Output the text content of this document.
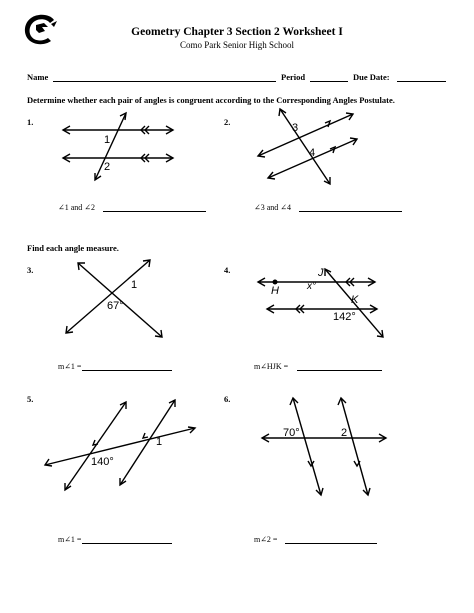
Geometry Chapter 3 Section 2 Worksheet I
Como Park Senior High School
Name	Period	Due Date:
Determine whether each pair of angles is congruent according to the Corresponding Angles Postulate.
1.
1
2
∠1 and ∠2
2.	3
4
∠3 and ∠4
Find each angle measure.
3.
1
67°
m∠1 =
4.	J
H	x°
K
142°
m∠HJK =
5.
140°
1
m∠1 =
6.
70°	2
m∠2 =
